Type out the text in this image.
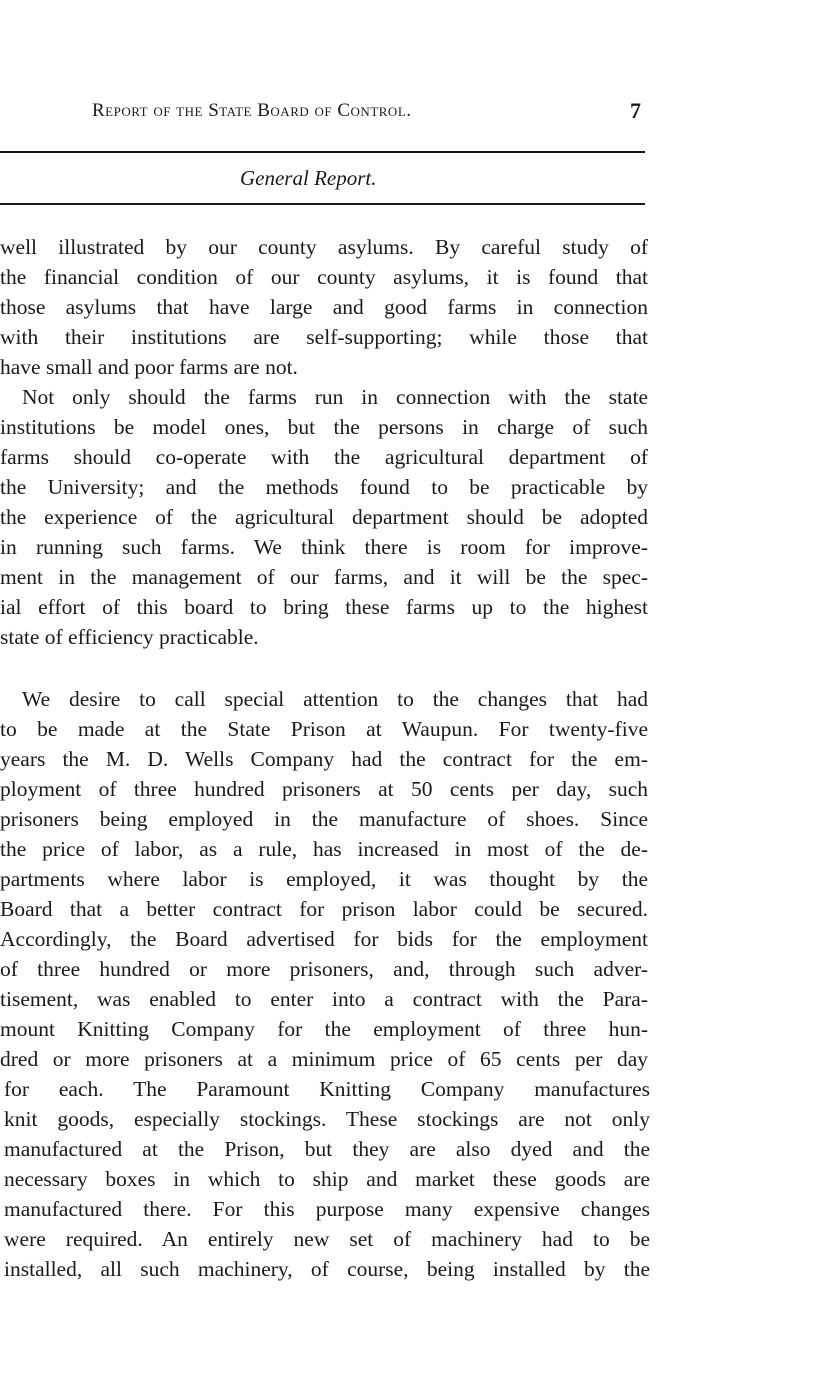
Report of the State Board of Control.	7
General Report.
well illustrated by our county asylums. By careful study of
the financial condition of our county asylums, it is found that
those asylums that have large and good farms in connection
with their institutions are self-supporting; while those that
have small and poor farms are not.
Not only should the farms run in connection with the state
institutions be model ones, but the persons in charge of such
farms should co-operate with the agricultural department of
the University; and the methods found to be practicable by
the experience of the agricultural department should be adopted
in running such farms. We think there is room for improve-
ment in the management of our farms, and it will be the spec-
ial effort of this board to bring these farms up to the highest
state of efficiency practicable.
We desire to call special attention to the changes that had
to be made at the State Prison at Waupun. For twenty-five
years the M. D. Wells Company had the contract for the em-
ployment of three hundred prisoners at 50 cents per day, such
prisoners being employed in the manufacture of shoes. Since
the price of labor, as a rule, has increased in most of the de-
partments where labor is employed, it was thought by the
Board that a better contract for prison labor could be secured.
Accordingly, the Board advertised for bids for the employment
of three hundred or more prisoners, and, through such adver-
tisement, was enabled to enter into a contract with the Para-
mount Knitting Company for the employment of three hun-
dred or more prisoners at a minimum price of 65 cents per day
for each. The Paramount Knitting Company manufactures
knit goods, especially stockings. These stockings are not only
manufactured at the Prison, but they are also dyed and the
necessary boxes in which to ship and market these goods are
manufactured there. For this purpose many expensive changes
were required. An entirely new set of machinery had to be
installed, all such machinery, of course, being installed by the
